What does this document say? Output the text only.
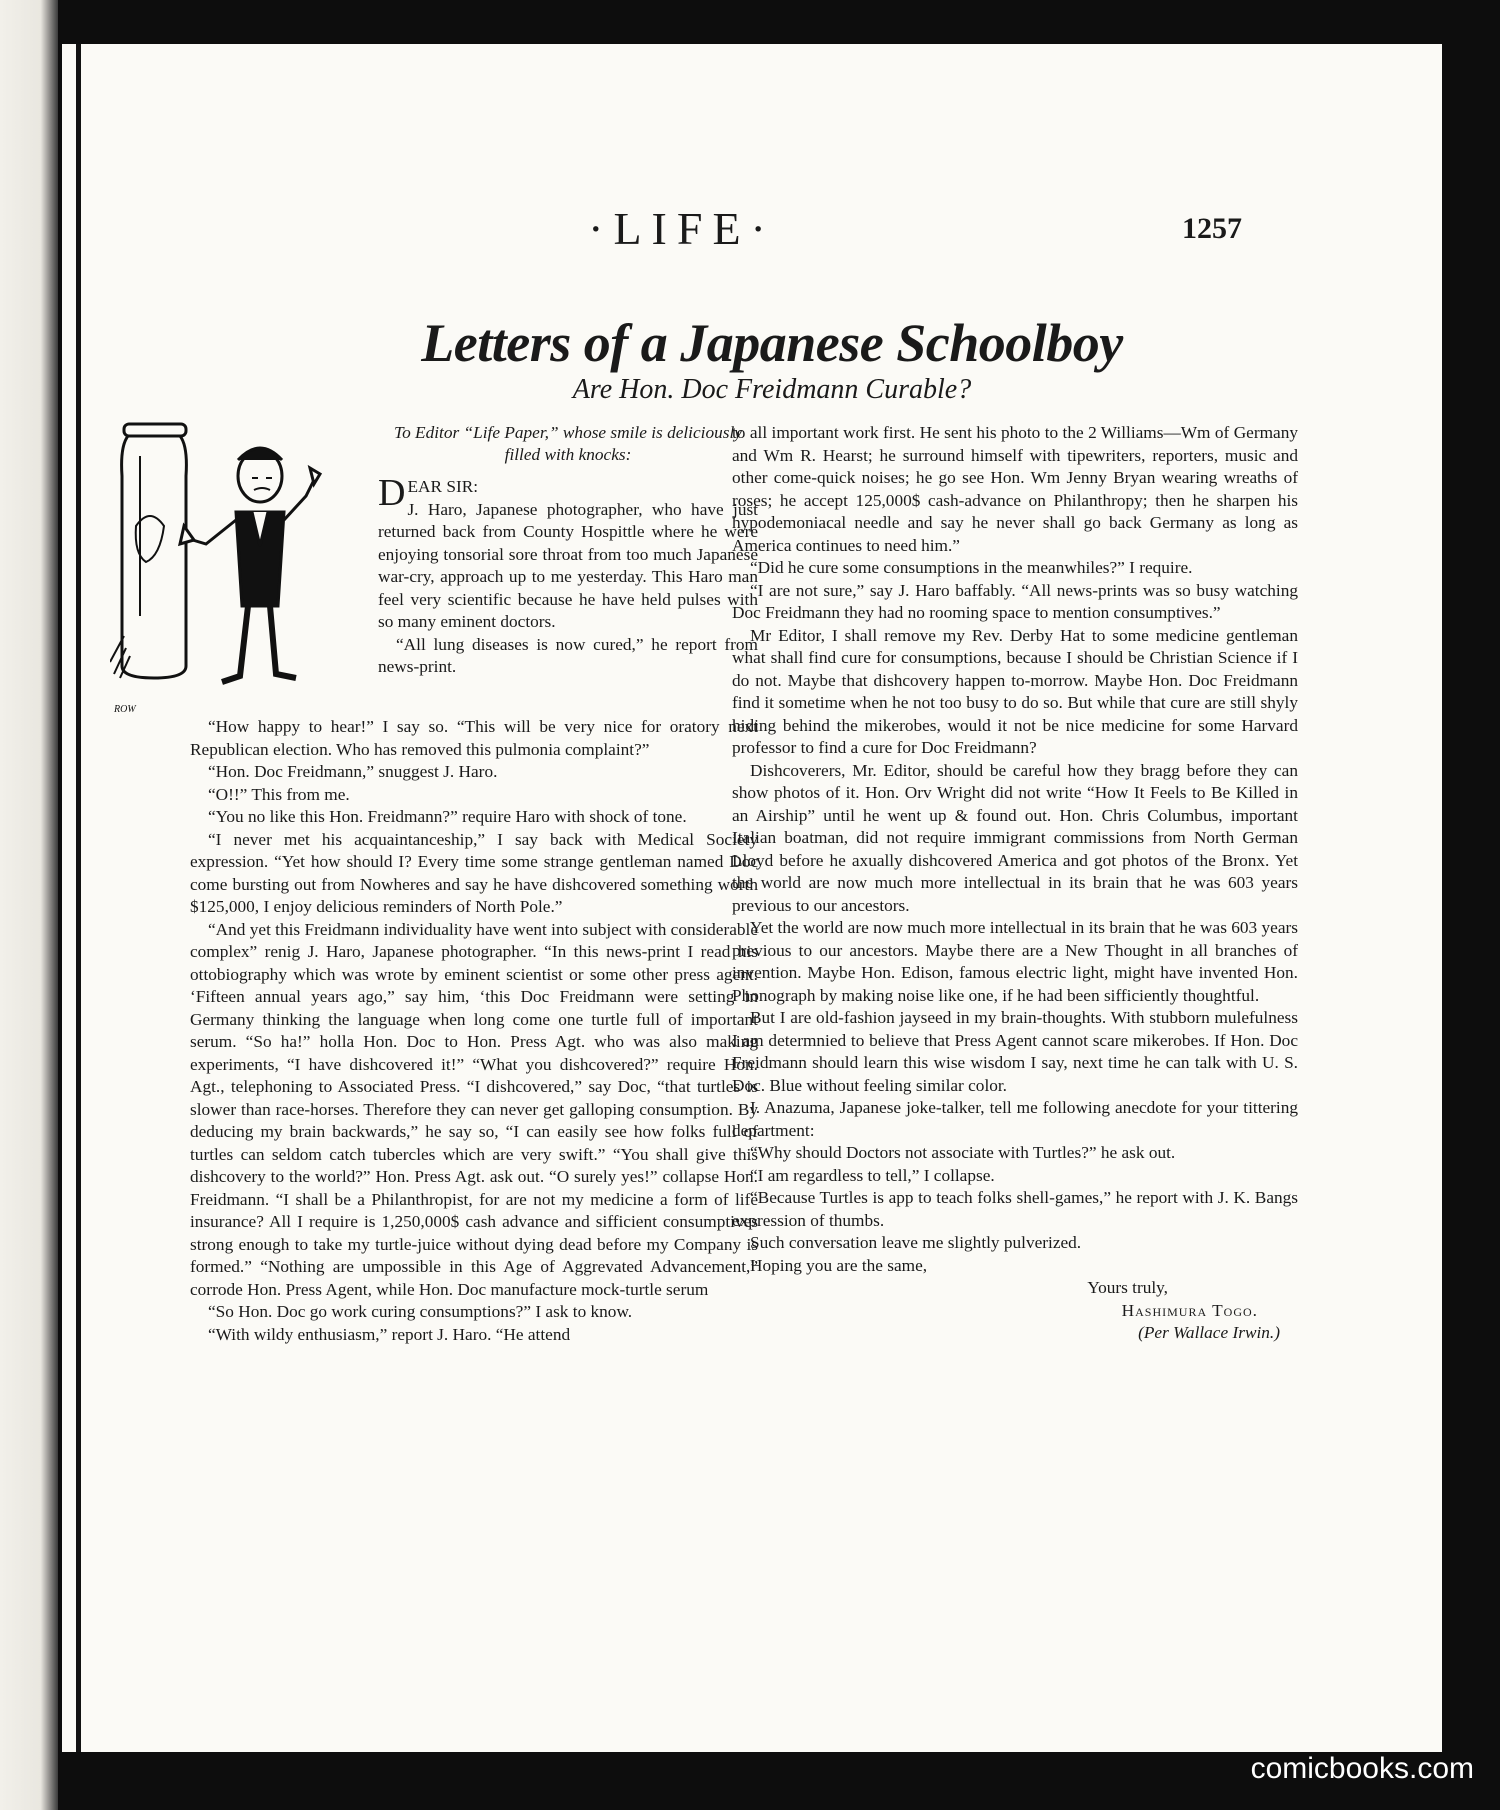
·LIFE·	1257
Letters of a Japanese Schoolboy
Are Hon. Doc Freidmann Curable?
ROW
To Editor “Life Paper,” whose smile is deliciously filled with knocks:
DEAR SIR:

J. Haro, Japanese photographer, who have just returned back from County Hospittle where he were enjoying tonsorial sore throat from too much Japanese war-cry, approach up to me yesterday. This Haro man feel very scientific because he have held pulses with so many eminent doctors.

“All lung diseases is now cured,” he report from news-print.

“How happy to hear!” I say so. “This will be very nice for oratory next Republican election. Who has removed this pulmonia complaint?”

“Hon. Doc Freidmann,” snuggest J. Haro.

“O!!” This from me.

“You no like this Hon. Freidmann?” require Haro with shock of tone.

“I never met his acquaintanceship,” I say back with Medical Society expression. “Yet how should I? Every time some strange gentleman named Doc come bursting out from Nowheres and say he have dishcovered something worth $125,000, I enjoy delicious reminders of North Pole.”

“And yet this Freidmann individuality have went into subject with considerable complex” renig J. Haro, Japanese photographer. “In this news-print I read his ottobiography which was wrote by eminent scientist or some other press agent. ‘Fifteen annual years ago,” say him, ‘this Doc Freidmann were setting in Germany thinking the language when long come one turtle full of important serum. “So ha!” holla Hon. Doc to Hon. Press Agt. who was also making experiments, “I have dishcovered it!” “What you dishcovered?” require Hon. Agt., telephoning to Associated Press. “I dishcovered,” say Doc, “that turtles is slower than race-horses. Therefore they can never get galloping consumption. By deducing my brain backwards,” he say so, “I can easily see how folks full of turtles can seldom catch tubercles which are very swift.” “You shall give this dishcovery to the world?” Hon. Press Agt. ask out. “O surely yes!” collapse Hon. Freidmann. “I shall be a Philanthropist, for are not my medicine a form of life insurance? All I require is 1,250,000$ cash advance and sifficient consumptives strong enough to take my turtle-juice without dying dead before my Company is formed.” “Nothing are umpossible in this Age of Aggrevated Advancement,” corrode Hon. Press Agent, while Hon. Doc manufacture mock-turtle serum

“So Hon. Doc go work curing consumptions?” I ask to know.

“With wildy enthusiasm,” report J. Haro. “He attend

to all important work first. He sent his photo to the 2 Williams—Wm of Germany and Wm R. Hearst; he surround himself with tipewriters, reporters, music and other come-quick noises; he go see Hon. Wm Jenny Bryan wearing wreaths of roses; he accept 125,000$ cash-advance on Philanthropy; then he sharpen his hypodemoniacal needle and say he never shall go back Germany as long as America continues to need him.”

“Did he cure some consumptions in the meanwhiles?” I require.

“I are not sure,” say J. Haro baffably. “All news-prints was so busy watching Doc Freidmann they had no rooming space to mention consumptives.”

Mr Editor, I shall remove my Rev. Derby Hat to some medicine gentleman what shall find cure for consumptions, because I should be Christian Science if I do not. Maybe that dishcovery happen to-morrow. Maybe Hon. Doc Freidmann find it sometime when he not too busy to do so. But while that cure are still shyly hiding behind the mikerobes, would it not be nice medicine for some Harvard professor to find a cure for Doc Freidmann?

Dishcoverers, Mr. Editor, should be careful how they bragg before they can show photos of it. Hon. Orv Wright did not write “How It Feels to Be Killed in an Airship” until he went up & found out. Hon. Chris Columbus, important Italian boatman, did not require immigrant commissions from North German Lloyd before he axually dishcovered America and got photos of the Bronx. Yet the world are now much more intellectual in its brain that he was 603 years previous to our ancestors.

Yet the world are now much more intellectual in its brain that he was 603 years previous to our ancestors. Maybe there are a New Thought in all branches of invention. Maybe Hon. Edison, famous electric light, might have invented Hon. Phonograph by making noise like one, if he had been sifficiently thoughtful.

But I are old-fashion jayseed in my brain-thoughts. With stubborn mulefulness I am determnied to believe that Press Agent cannot scare mikerobes. If Hon. Doc Freidmann should learn this wise wisdom I say, next time he can talk with U. S. Doc. Blue without feeling similar color.

I. Anazuma, Japanese joke-talker, tell me following anecdote for your tittering department:

“Why should Doctors not associate with Turtles?” he ask out.

“I am regardless to tell,” I collapse.

“Because Turtles is app to teach folks shell-games,” he report with J. K. Bangs expression of thumbs.

Such conversation leave me slightly pulverized.

Hoping you are the same,

Yours truly,
Hashimura Togo.
(Per Wallace Irwin.)
comicbooks.com
